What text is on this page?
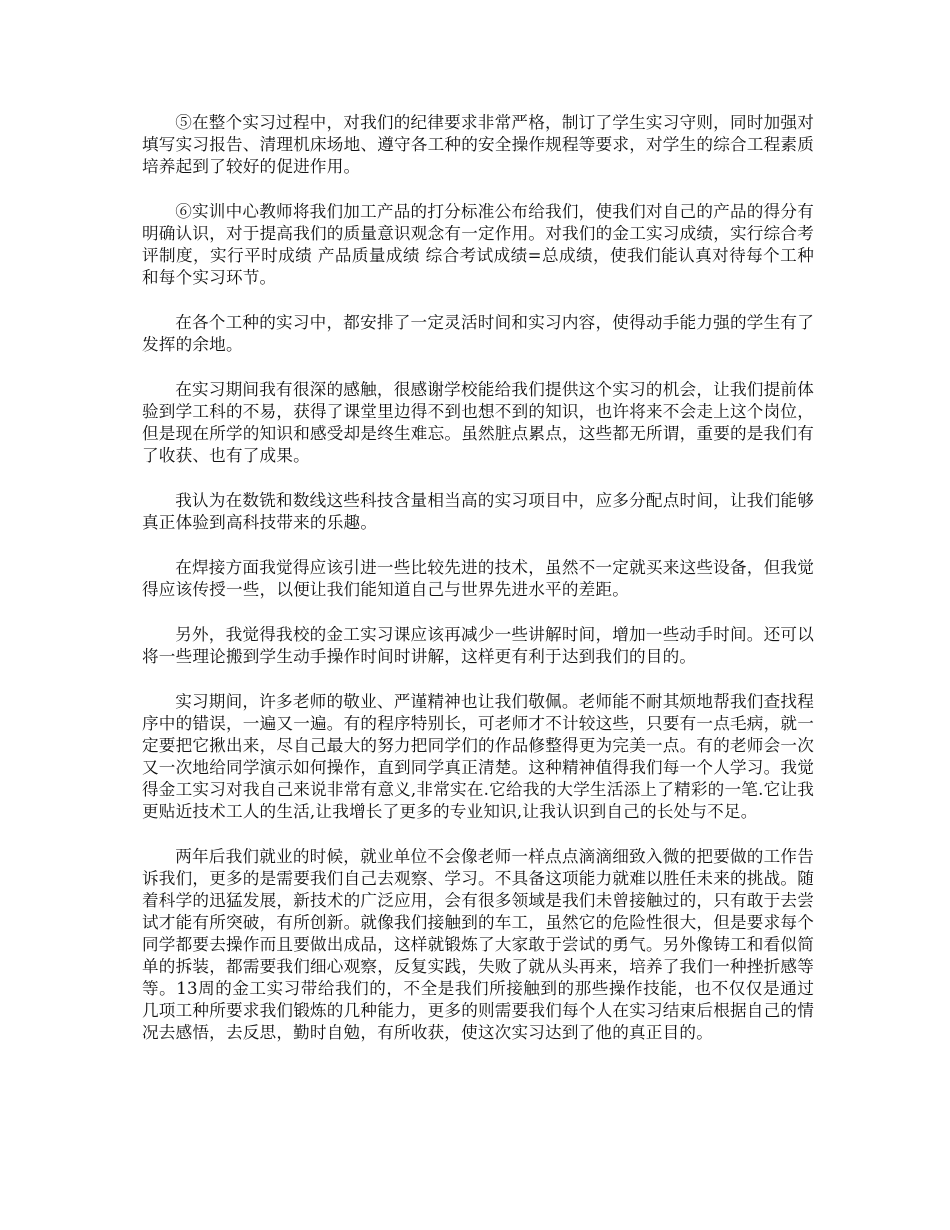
⑤在整个实习过程中，对我们的纪律要求非常严格，制订了学生实习守则，同时加强对填写实习报告、清理机床场地、遵守各工种的安全操作规程等要求，对学生的综合工程素质培养起到了较好的促进作用。

⑥实训中心教师将我们加工产品的打分标准公布给我们，使我们对自己的产品的得分有明确认识，对于提高我们的质量意识观念有一定作用。对我们的金工实习成绩，实行综合考评制度，实行平时成绩 产品质量成绩 综合考试成绩=总成绩，使我们能认真对待每个工种和每个实习环节。

在各个工种的实习中，都安排了一定灵活时间和实习内容，使得动手能力强的学生有了发挥的余地。

在实习期间我有很深的感触，很感谢学校能给我们提供这个实习的机会，让我们提前体验到学工科的不易，获得了课堂里边得不到也想不到的知识，也许将来不会走上这个岗位，但是现在所学的知识和感受却是终生难忘。虽然脏点累点，这些都无所谓，重要的是我们有了收获、也有了成果。

我认为在数铣和数线这些科技含量相当高的实习项目中，应多分配点时间，让我们能够真正体验到高科技带来的乐趣。

在焊接方面我觉得应该引进一些比较先进的技术，虽然不一定就买来这些设备，但我觉得应该传授一些，以便让我们能知道自己与世界先进水平的差距。

另外，我觉得我校的金工实习课应该再减少一些讲解时间，增加一些动手时间。还可以将一些理论搬到学生动手操作时间时讲解，这样更有利于达到我们的目的。

实习期间，许多老师的敬业、严谨精神也让我们敬佩。老师能不耐其烦地帮我们查找程序中的错误，一遍又一遍。有的程序特别长，可老师才不计较这些，只要有一点毛病，就一定要把它揪出来，尽自己最大的努力把同学们的作品修整得更为完美一点。有的老师会一次又一次地给同学演示如何操作，直到同学真正清楚。这种精神值得我们每一个人学习。我觉得金工实习对我自己来说非常有意义,非常实在.它给我的大学生活添上了精彩的一笔.它让我更贴近技术工人的生活,让我增长了更多的专业知识,让我认识到自己的长处与不足。

两年后我们就业的时候，就业单位不会像老师一样点点滴滴细致入微的把要做的工作告诉我们，更多的是需要我们自己去观察、学习。不具备这项能力就难以胜任未来的挑战。随着科学的迅猛发展，新技术的广泛应用，会有很多领域是我们未曾接触过的，只有敢于去尝试才能有所突破，有所创新。就像我们接触到的车工，虽然它的危险性很大，但是要求每个同学都要去操作而且要做出成品，这样就锻炼了大家敢于尝试的勇气。另外像铸工和看似简单的拆装，都需要我们细心观察，反复实践，失败了就从头再来，培养了我们一种挫折感等等。13周的金工实习带给我们的，不全是我们所接触到的那些操作技能，也不仅仅是通过几项工种所要求我们锻炼的几种能力，更多的则需要我们每个人在实习结束后根据自己的情况去感悟，去反思，勤时自勉，有所收获，使这次实习达到了他的真正目的。
